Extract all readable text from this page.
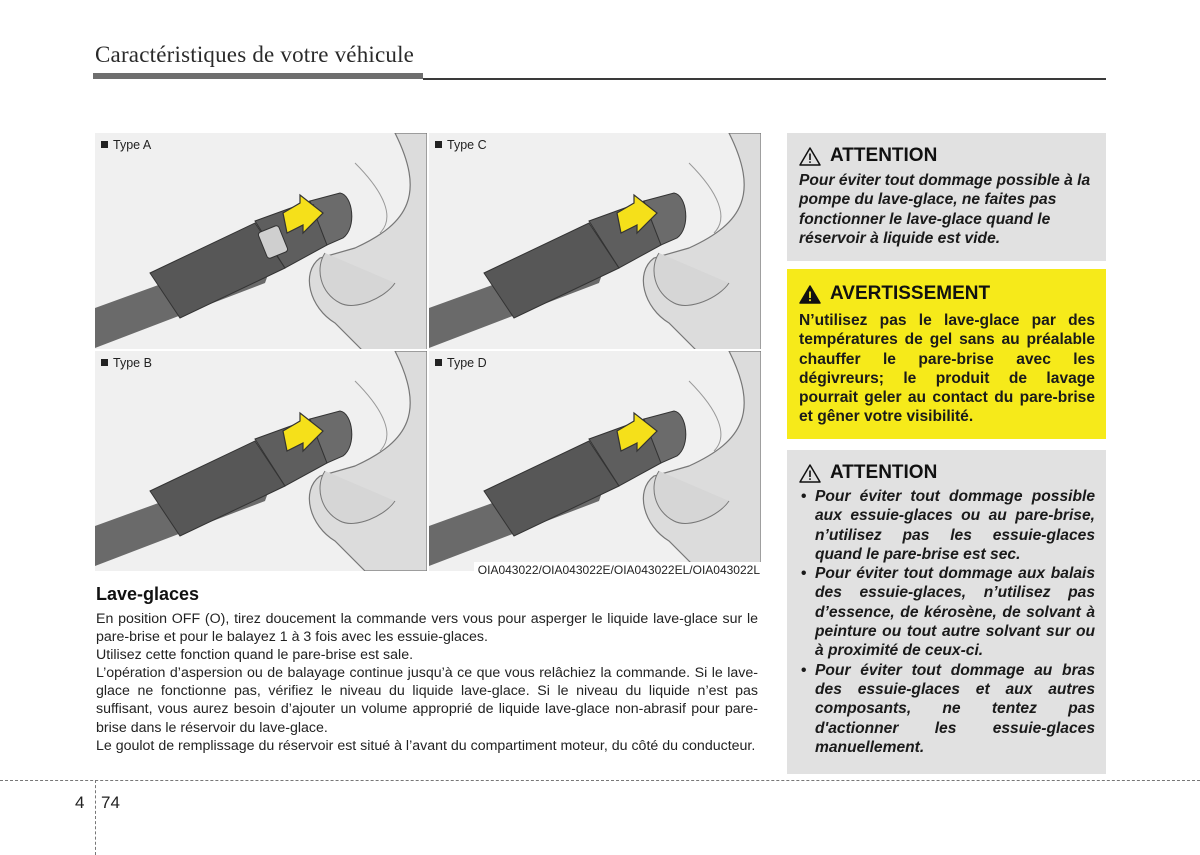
Caractéristiques de votre véhicule
Type A	Type C
Type B	Type D
OIA043022/OIA043022E/OIA043022EL/OIA043022L
Lave-glaces

En position OFF (O), tirez doucement la commande vers vous pour asperger le liquide lave-glace sur le pare-brise et pour le balayez 1 à 3 fois avec les essuie-glaces.

Utilisez cette fonction quand le pare-brise est sale.

L’opération d’aspersion ou de balayage continue jusqu’à ce que vous relâchiez la commande. Si le lave-glace ne fonctionne pas, vérifiez le niveau du liquide lave-glace. Si le niveau du liquide n’est pas suffisant, vous aurez besoin d’ajouter un volume approprié de liquide lave-glace non-abrasif pour pare-brise dans le réservoir du lave-glace.

Le goulot de remplissage du réservoir est situé à l’avant du compartiment moteur, du côté du conducteur.

ATTENTION
Pour éviter tout dommage possible à la pompe du lave-glace, ne faites pas fonctionner le lave-glace quand le réservoir à liquide est vide.
AVERTISSEMENT
N’utilisez pas le lave-glace par des températures de gel sans au préalable chauffer le pare-brise avec les dégivreurs; le produit de lavage pourrait geler au contact du pare-brise et gêner votre visibilité.
ATTENTION
• Pour éviter tout dommage possible aux essuie-glaces ou au pare-brise, n’utilisez pas les essuie-glaces quand le pare-brise est sec.
• Pour éviter tout dommage aux balais des essuie-glaces, n’utilisez pas d’essence, de kérosène, de solvant à peinture ou tout autre solvant sur ou à proximité de ceux-ci.
• Pour éviter tout dommage au bras des essuie-glaces et aux autres composants, ne tentez pas d'actionner les essuie-glaces manuellement.
4 74
